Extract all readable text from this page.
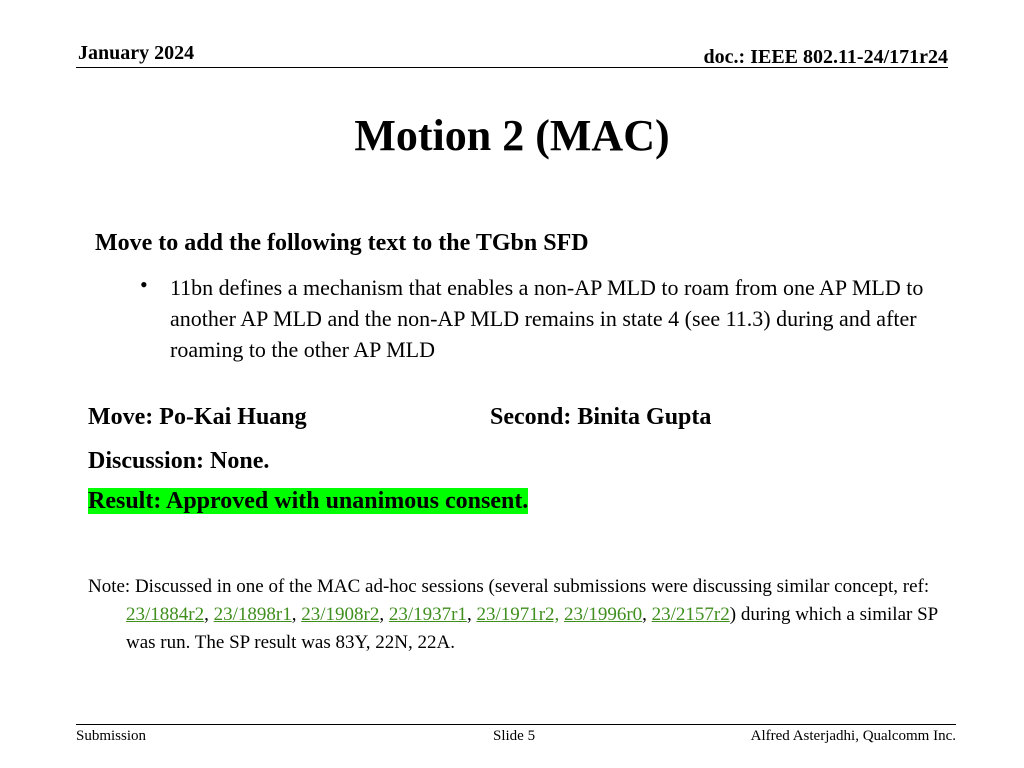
January 2024	doc.: IEEE 802.11-24/171r24
Motion 2 (MAC)
Move to add the following text to the TGbn SFD
• 11bn defines a mechanism that enables a non-AP MLD to roam from one AP MLD to another AP MLD and the non-AP MLD remains in state 4 (see 11.3) during and after roaming to the other AP MLD
Move: Po-Kai Huang	Second: Binita Gupta
Discussion: None.
Result: Approved with unanimous consent.
Note: Discussed in one of the MAC ad-hoc sessions (several submissions were discussing similar concept, ref: 23/1884r2, 23/1898r1, 23/1908r2, 23/1937r1, 23/1971r2, 23/1996r0, 23/2157r2) during which a similar SP was run. The SP result was 83Y, 22N, 22A.
Submission	Slide 5	Alfred Asterjadhi, Qualcomm Inc.
